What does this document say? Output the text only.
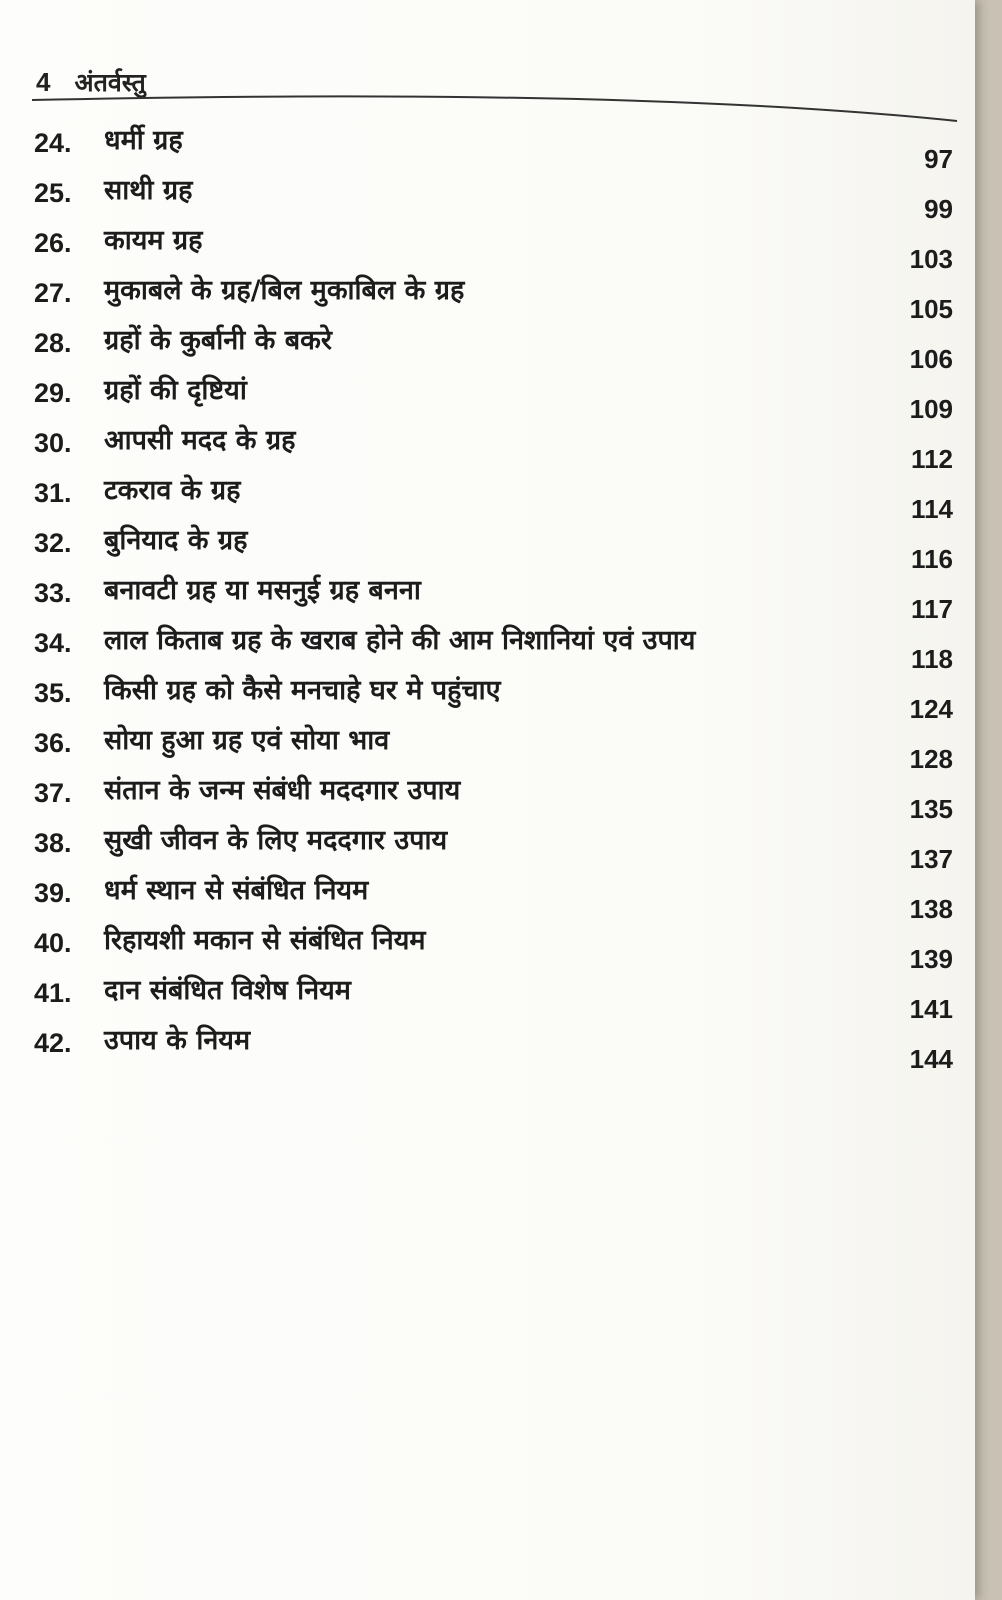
4 अंतर्वस्तु
24. धर्मी ग्रह
97
25. साथी ग्रह
99
26. कायम ग्रह
103
27. मुकाबले के ग्रह/बिल मुकाबिल के ग्रह
105
28. ग्रहों के कुर्बानी के बकरे
106
29. ग्रहों की दृष्टियां
109
30. आपसी मदद के ग्रह
112
31. टकराव के ग्रह
114
32. बुनियाद के ग्रह
116
33. बनावटी ग्रह या मसनुई ग्रह बनना
117
34. लाल किताब ग्रह के खराब होने की आम निशानियां एवं उपाय
118
35. किसी ग्रह को कैसे मनचाहे घर मे पहुंचाए
124
36. सोया हुआ ग्रह एवं सोया भाव
128
37. संतान के जन्म संबंधी मददगार उपाय
135
38. सुखी जीवन के लिए मददगार उपाय
137
39. धर्म स्थान से संबंधित नियम
138
40. रिहायशी मकान से संबंधित नियम
139
41. दान संबंधित विशेष नियम
141
42. उपाय के नियम
144
